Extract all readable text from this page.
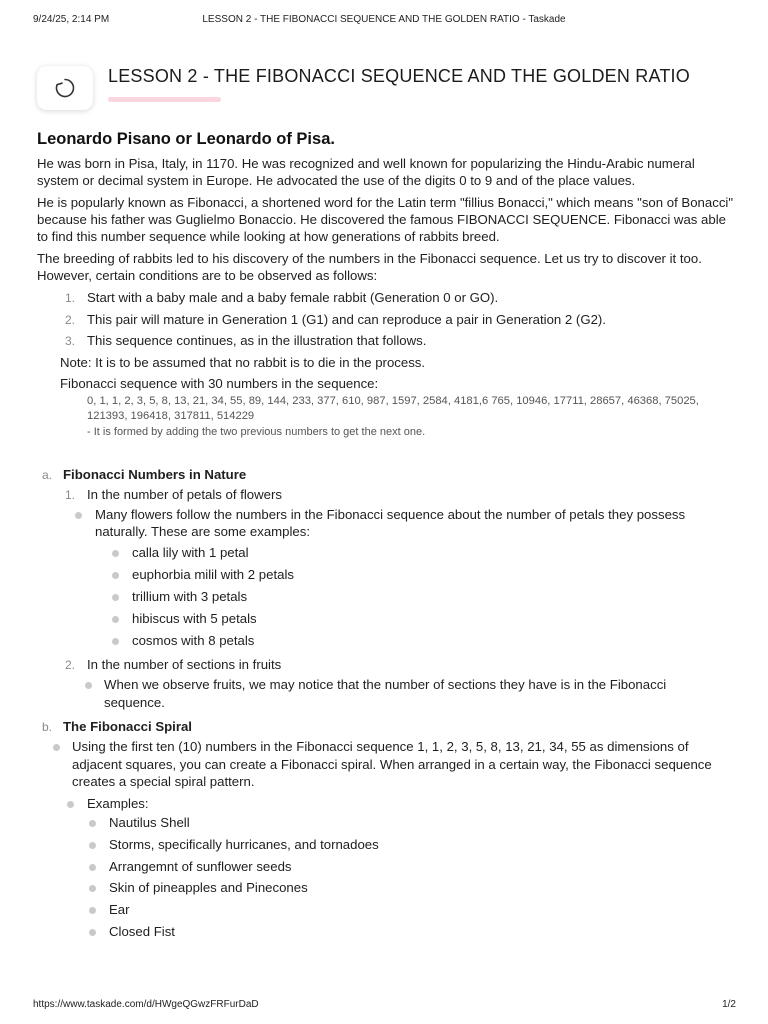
LESSON 2 - THE FIBONACCI SEQUENCE AND THE GOLDEN RATIO - Taskade
9/24/25, 2:14 PM
LESSON 2 - THE FIBONACCI SEQUENCE AND THE GOLDEN RATIO
Leonardo Pisano or Leonardo of Pisa.

He was born in Pisa, Italy, in 1170. He was recognized and well known for popularizing the Hindu-Arabic numeral system or decimal system in Europe. He advocated the use of the digits 0 to 9 and of the place values.

He is popularly known as Fibonacci, a shortened word for the Latin term "fillius Bonacci," which means "son of Bonacci" because his father was Guglielmo Bonaccio. He discovered the famous FIBONACCI SEQUENCE. Fibonacci was able to find this number sequence while looking at how generations of rabbits breed.

The breeding of rabbits led to his discovery of the numbers in the Fibonacci sequence. Let us try to discover it too. However, certain conditions are to be observed as follows:

1. Start with a baby male and a baby female rabbit (Generation 0 or GO).
2. This pair will mature in Generation 1 (G1) and can reproduce a pair in Generation 2 (G2).
3. This sequence continues, as in the illustration that follows.
Note: It is to be assumed that no rabbit is to die in the process.
Fibonacci sequence with 30 numbers in the sequence:
0, 1, 1, 2, 3, 5, 8, 13, 21, 34, 55, 89, 144, 233, 377, 610, 987, 1597, 2584, 4181,6 765, 10946, 17711, 28657, 46368, 75025, 121393, 196418, 317811, 514229
- It is formed by adding the two previous numbers to get the next one.
a. Fibonacci Numbers in Nature
1. In the number of petals of flowers
Many flowers follow the numbers in the Fibonacci sequence about the number of petals they possess naturally. These are some examples:
calla lily with 1 petal
euphorbia milil with 2 petals
trillium with 3 petals
hibiscus with 5 petals
cosmos with 8 petals
2. In the number of sections in fruits
When we observe fruits, we may notice that the number of sections they have is in the Fibonacci sequence.
b. The Fibonacci Spiral
Using the first ten (10) numbers in the Fibonacci sequence 1, 1, 2, 3, 5, 8, 13, 21, 34, 55 as dimensions of adjacent squares, you can create a Fibonacci spiral. When arranged in a certain way, the Fibonacci sequence creates a special spiral pattern.
Examples:
Nautilus Shell
Storms, specifically hurricanes, and tornadoes
Arrangemnt of sunflower seeds
Skin of pineapples and Pinecones
Ear
Closed Fist
https://www.taskade.com/d/HWgeQGwzFRFurDaD	1/2
